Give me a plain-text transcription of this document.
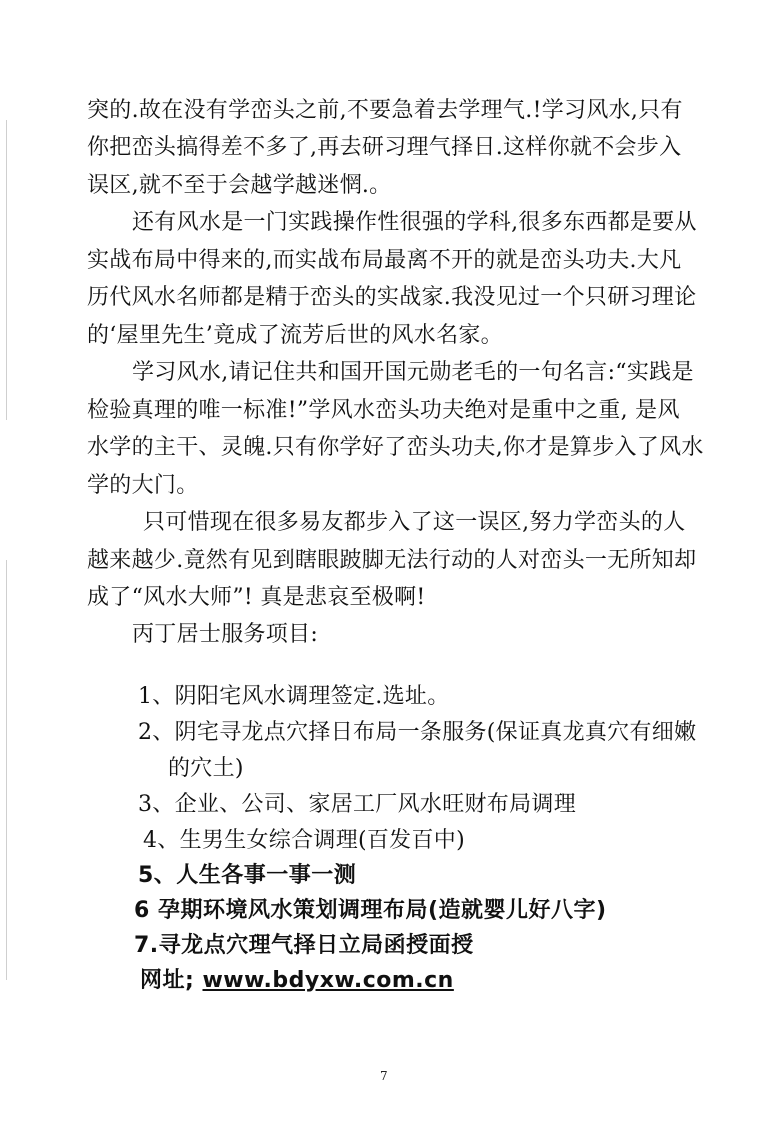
突的.故在没有学峦头之前,不要急着去学理气.!学习风水,只有
你把峦头搞得差不多了,再去研习理气择日.这样你就不会步入
误区,就不至于会越学越迷惘.。
还有风水是一门实践操作性很强的学科,很多东西都是要从
实战布局中得来的,而实战布局最离不开的就是峦头功夫.大凡
历代风水名师都是精于峦头的实战家.我没见过一个只研习理论
的‘屋里先生’竟成了流芳后世的风水名家。
学习风水,请记住共和国开国元勋老毛的一句名言:“实践是
检验真理的唯一标准!”学风水峦头功夫绝对是重中之重, 是风
水学的主干、灵魄.只有你学好了峦头功夫,你才是算步入了风水
学的大门。
只可惜现在很多易友都步入了这一误区,努力学峦头的人
越来越少.竟然有见到瞎眼跛脚无法行动的人对峦头一无所知却
成了“风水大师”! 真是悲哀至极啊!
丙丁居士服务项目:
1、阴阳宅风水调理签定.选址。
2、阴宅寻龙点穴择日布局一条服务(保证真龙真穴有细嫩
的穴土)
3、企业、公司、家居工厂风水旺财布局调理
4、生男生女综合调理(百发百中)
5、人生各事一事一测
6 孕期环境风水策划调理布局(造就婴儿好八字)
7.寻龙点穴理气择日立局函授面授
网址; www.bdyxw.com.cn
7
